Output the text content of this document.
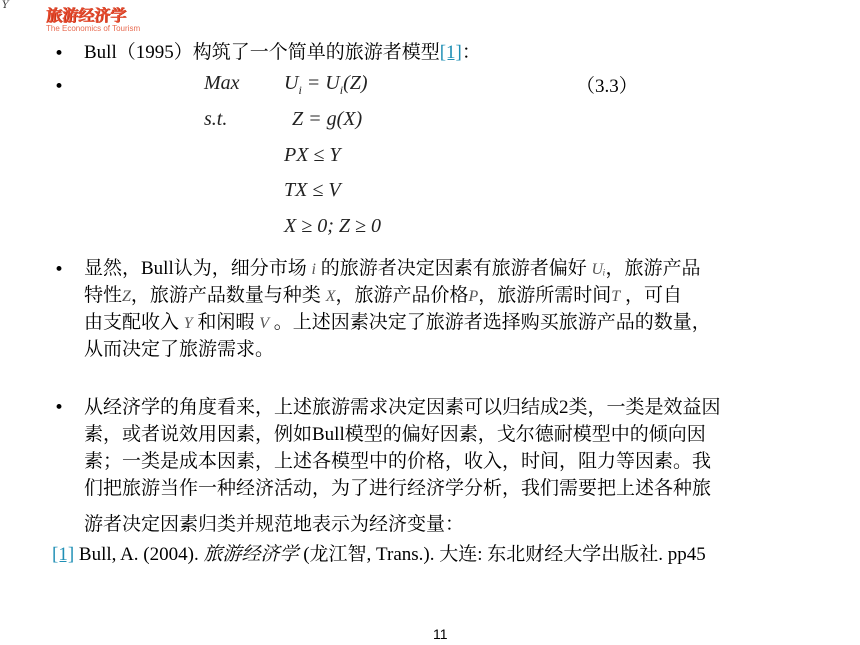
Y
旅游经济学
The Economics of Tourism
• Bull（1995）构筑了一个简单的旅游者模型[1]：
•	（3.3）
Max $U_i = U_i(Z)$
s.t.	Z = g(X)
PX ≤ Y
TX ≤ V
X ≥ 0; Z ≥ 0
• 显然，Bull认为，细分市场 i 的旅游者决定因素有旅游者偏好 Uᵢ，旅游产品
特性Z，旅游产品数量与种类 X，旅游产品价格P，旅游所需时间T ，可自
由支配收入 Y 和闲暇 V 。上述因素决定了旅游者选择购买旅游产品的数量，
从而决定了旅游需求。
• 从经济学的角度看来，上述旅游需求决定因素可以归结成2类，一类是效益因
素，或者说效用因素，例如Bull模型的偏好因素，戈尔德耐模型中的倾向因
素；一类是成本因素，上述各模型中的价格，收入，时间，阻力等因素。我
们把旅游当作一种经济活动，为了进行经济学分析，我们需要把上述各种旅
游者决定因素归类并规范地表示为经济变量：
[1] Bull, A. (2004). 旅游经济学 (龙江智, Trans.). 大连: 东北财经大学出版社. pp45
11
